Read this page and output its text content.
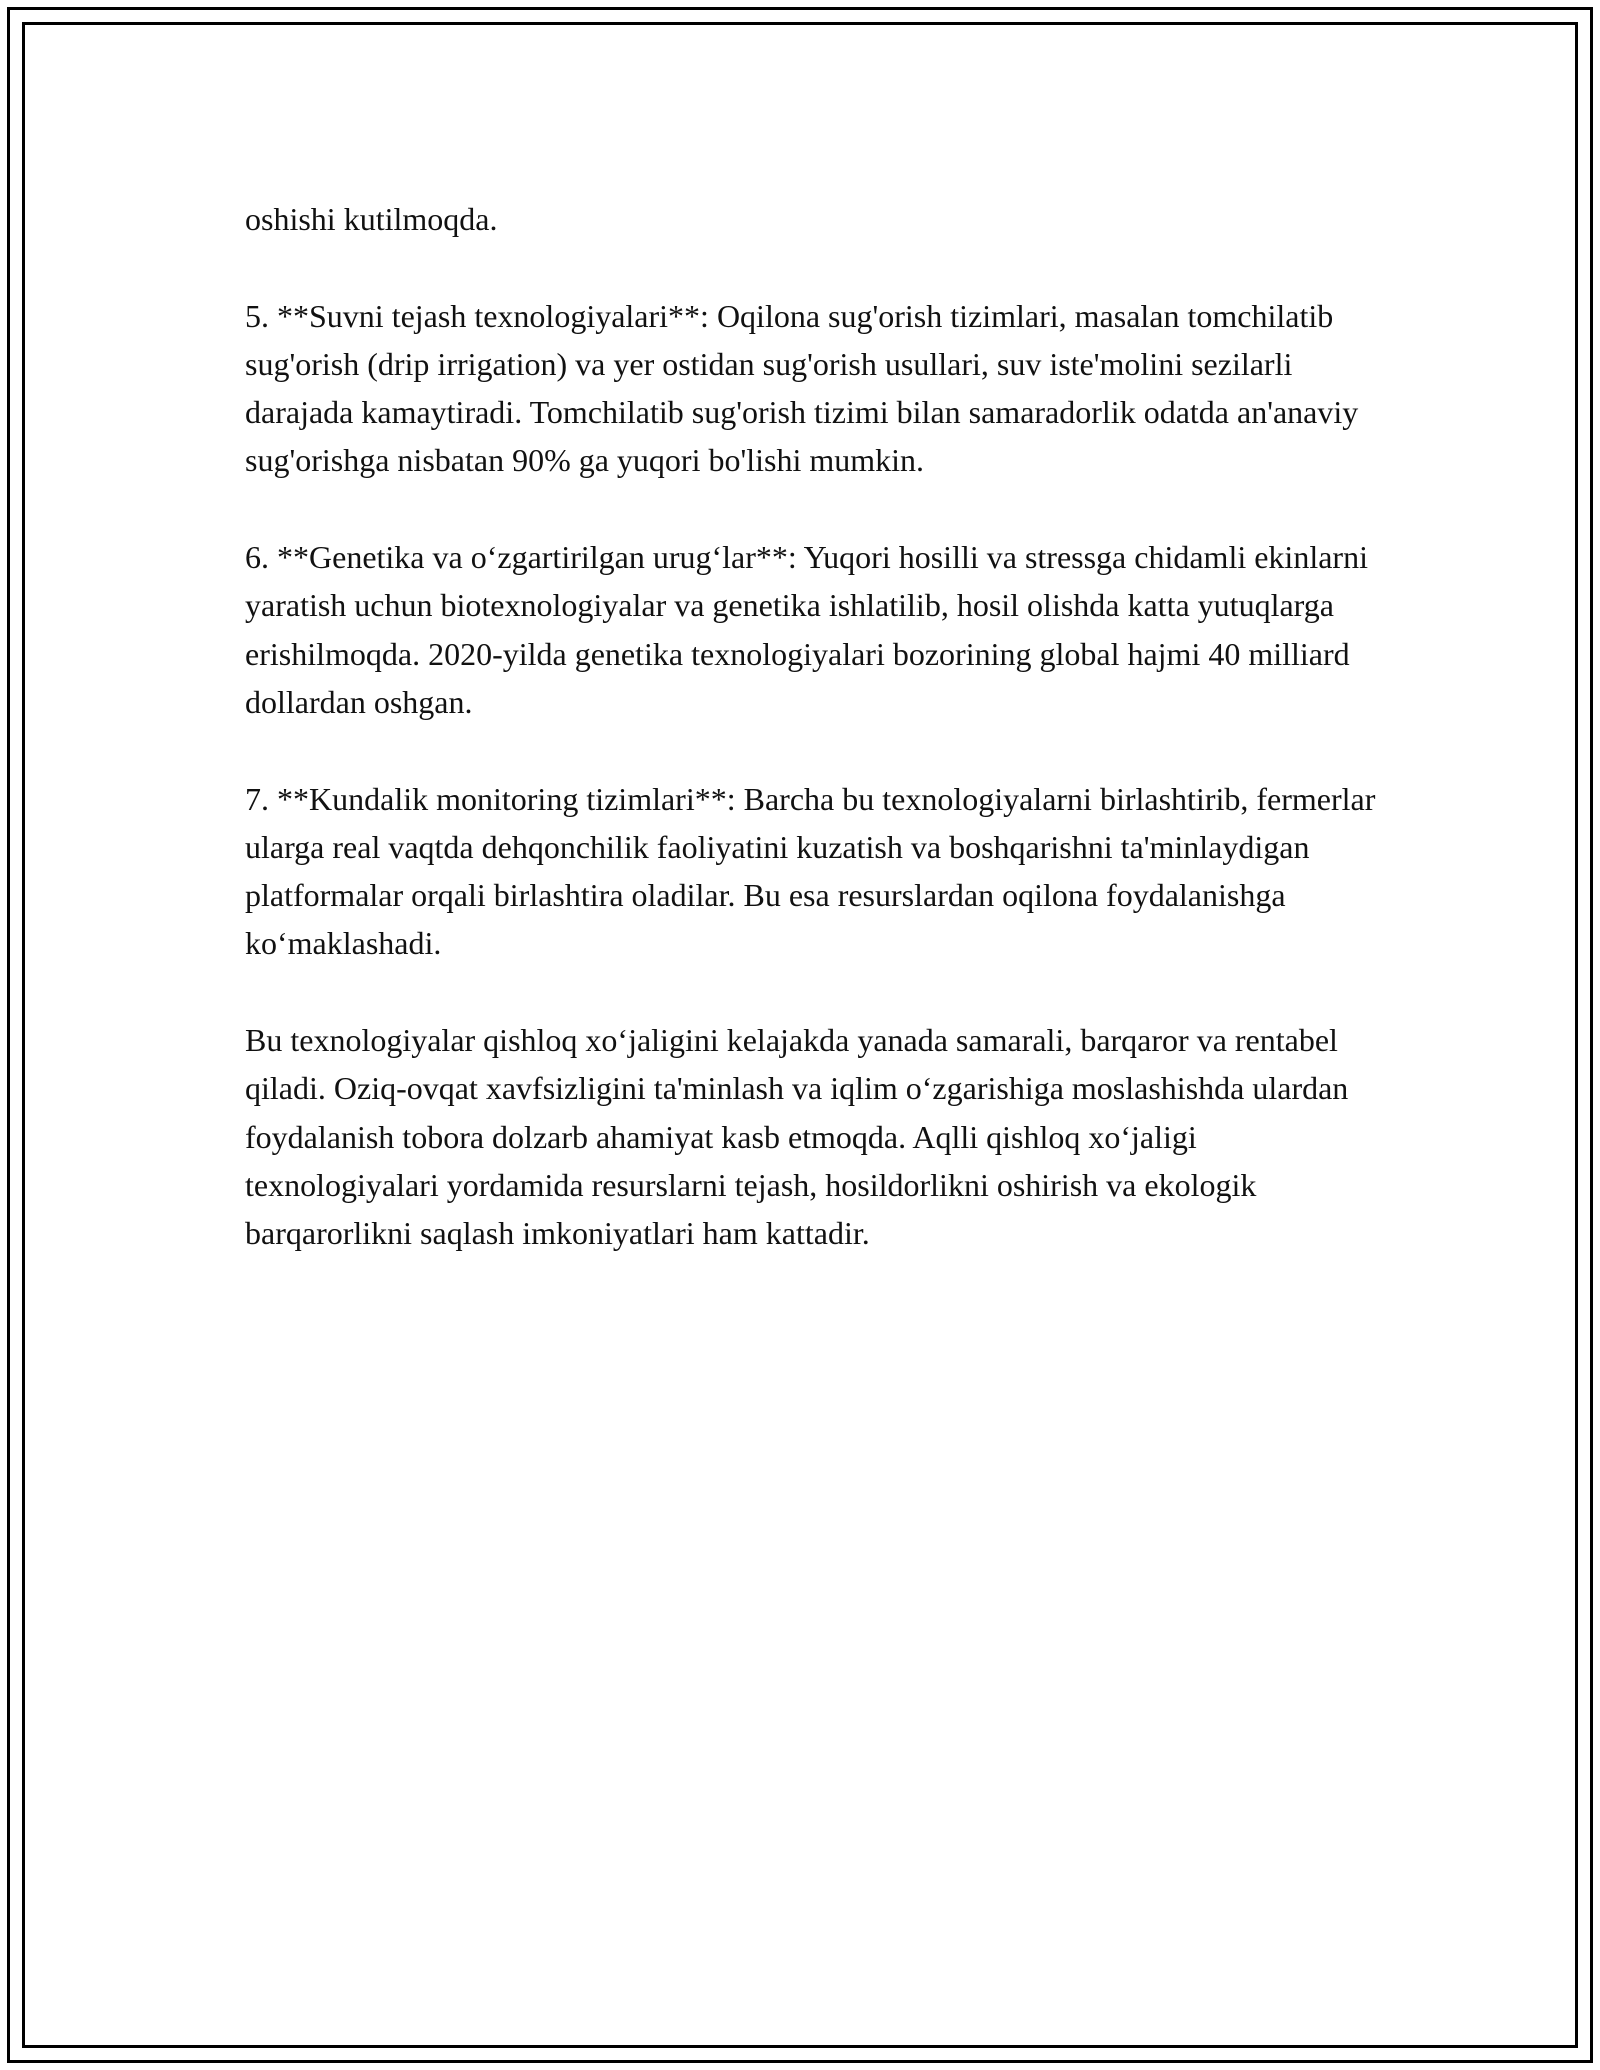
oshishi kutilmoqda.

5. **Suvni tejash texnologiyalari**: Oqilona sug'orish tizimlari, masalan tomchilatib sug'orish (drip irrigation) va yer ostidan sug'orish usullari, suv iste'molini sezilarli darajada kamaytiradi. Tomchilatib sug'orish tizimi bilan samaradorlik odatda an'anaviy sug'orishga nisbatan 90% ga yuqori bo'lishi mumkin.

6. **Genetika va o‘zgartirilgan urug‘lar**: Yuqori hosilli va stressga chidamli ekinlarni yaratish uchun biotexnologiyalar va genetika ishlatilib, hosil olishda katta yutuqlarga erishilmoqda. 2020-yilda genetika texnologiyalari bozorining global hajmi 40 milliard dollardan oshgan.

7. **Kundalik monitoring tizimlari**: Barcha bu texnologiyalarni birlashtirib, fermerlar ularga real vaqtda dehqonchilik faoliyatini kuzatish va boshqarishni ta'minlaydigan platformalar orqali birlashtira oladilar. Bu esa resurslardan oqilona foydalanishga ko‘maklashadi.

Bu texnologiyalar qishloq xo‘jaligini kelajakda yanada samarali, barqaror va rentabel qiladi. Oziq-ovqat xavfsizligini ta'minlash va iqlim o‘zgarishiga moslashishda ulardan foydalanish tobora dolzarb ahamiyat kasb etmoqda. Aqlli qishloq xo‘jaligi texnologiyalari yordamida resurslarni tejash, hosildorlikni oshirish va ekologik barqarorlikni saqlash imkoniyatlari ham kattadir.
